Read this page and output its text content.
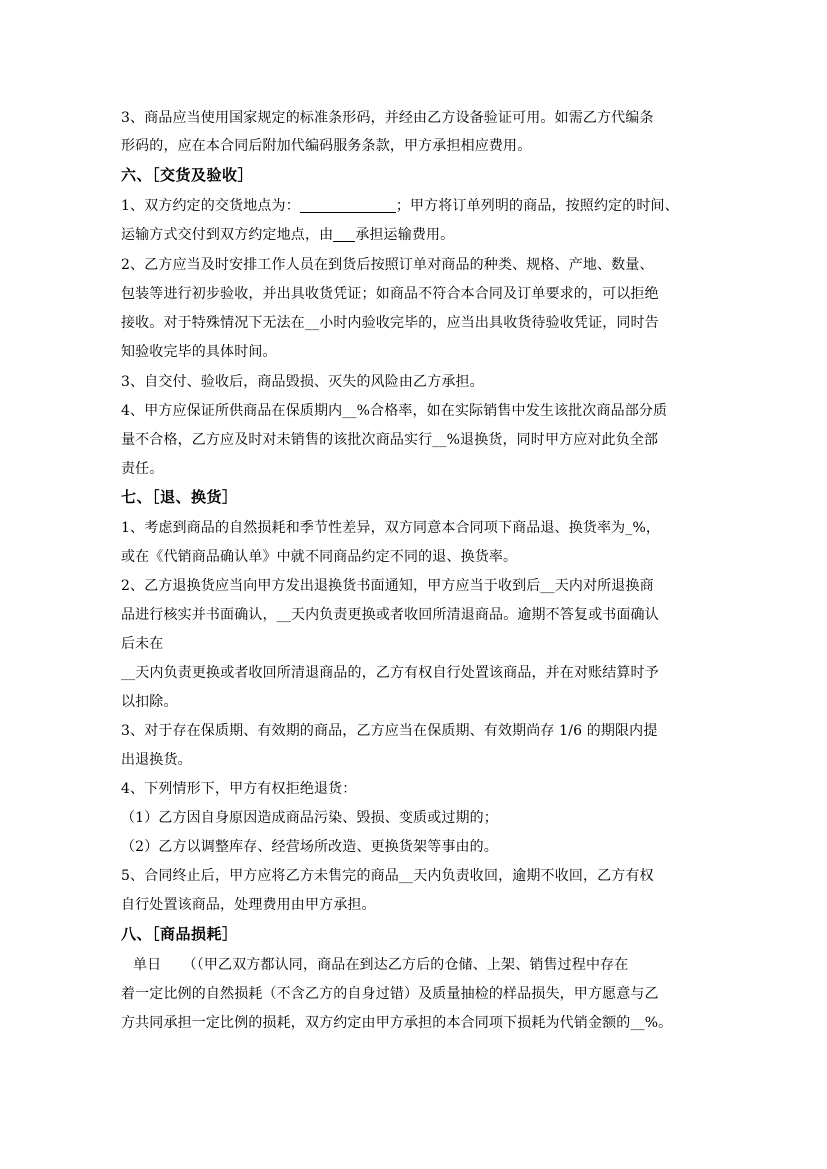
3、商品应当使用国家规定的标准条形码，并经由乙方设备验证可用。如需乙方代编条
形码的，应在本合同后附加代编码服务条款，甲方承担相应费用。
六、［交货及验收］
1、双方约定的交货地点为：	；甲方将订单列明的商品，按照约定的时间、
运输方式交付到双方约定地点，由 承担运输费用。
2、乙方应当及时安排工作人员在到货后按照订单对商品的种类、规格、产地、数量、
包装等进行初步验收，并出具收货凭证；如商品不符合本合同及订单要求的，可以拒绝
接收。对于特殊情况下无法在__小时内验收完毕的，应当出具收货待验收凭证，同时告
知验收完毕的具体时间。
3、自交付、验收后，商品毁损、灭失的风险由乙方承担。
4、甲方应保证所供商品在保质期内__%合格率，如在实际销售中发生该批次商品部分质
量不合格，乙方应及时对未销售的该批次商品实行__%退换货，同时甲方应对此负全部
责任。
七、［退、换货］
1、考虑到商品的自然损耗和季节性差异，双方同意本合同项下商品退、换货率为_%，
或在《代销商品确认单》中就不同商品约定不同的退、换货率。
2、乙方退换货应当向甲方发出退换货书面通知，甲方应当于收到后__天内对所退换商
品进行核实并书面确认，__天内负责更换或者收回所清退商品。逾期不答复或书面确认
后未在
__天内负责更换或者收回所清退商品的，乙方有权自行处置该商品，并在对账结算时予
以扣除。
3、对于存在保质期、有效期的商品，乙方应当在保质期、有效期尚存 1/6 的期限内提
出退换货。
4、下列情形下，甲方有权拒绝退货：
（1）乙方因自身原因造成商品污染、毁损、变质或过期的；
（2）乙方以调整库存、经营场所改造、更换货架等事由的。
5、合同终止后，甲方应将乙方未售完的商品__天内负责收回，逾期不收回，乙方有权
自行处置该商品，处理费用由甲方承担。
八、［商品损耗］
单日　　（（甲乙双方都认同，商品在到达乙方后的仓储、上架、销售过程中存在
着一定比例的自然损耗（不含乙方的自身过错）及质量抽检的样品损失，甲方愿意与乙
方共同承担一定比例的损耗，双方约定由甲方承担的本合同项下损耗为代销金额的__%。
